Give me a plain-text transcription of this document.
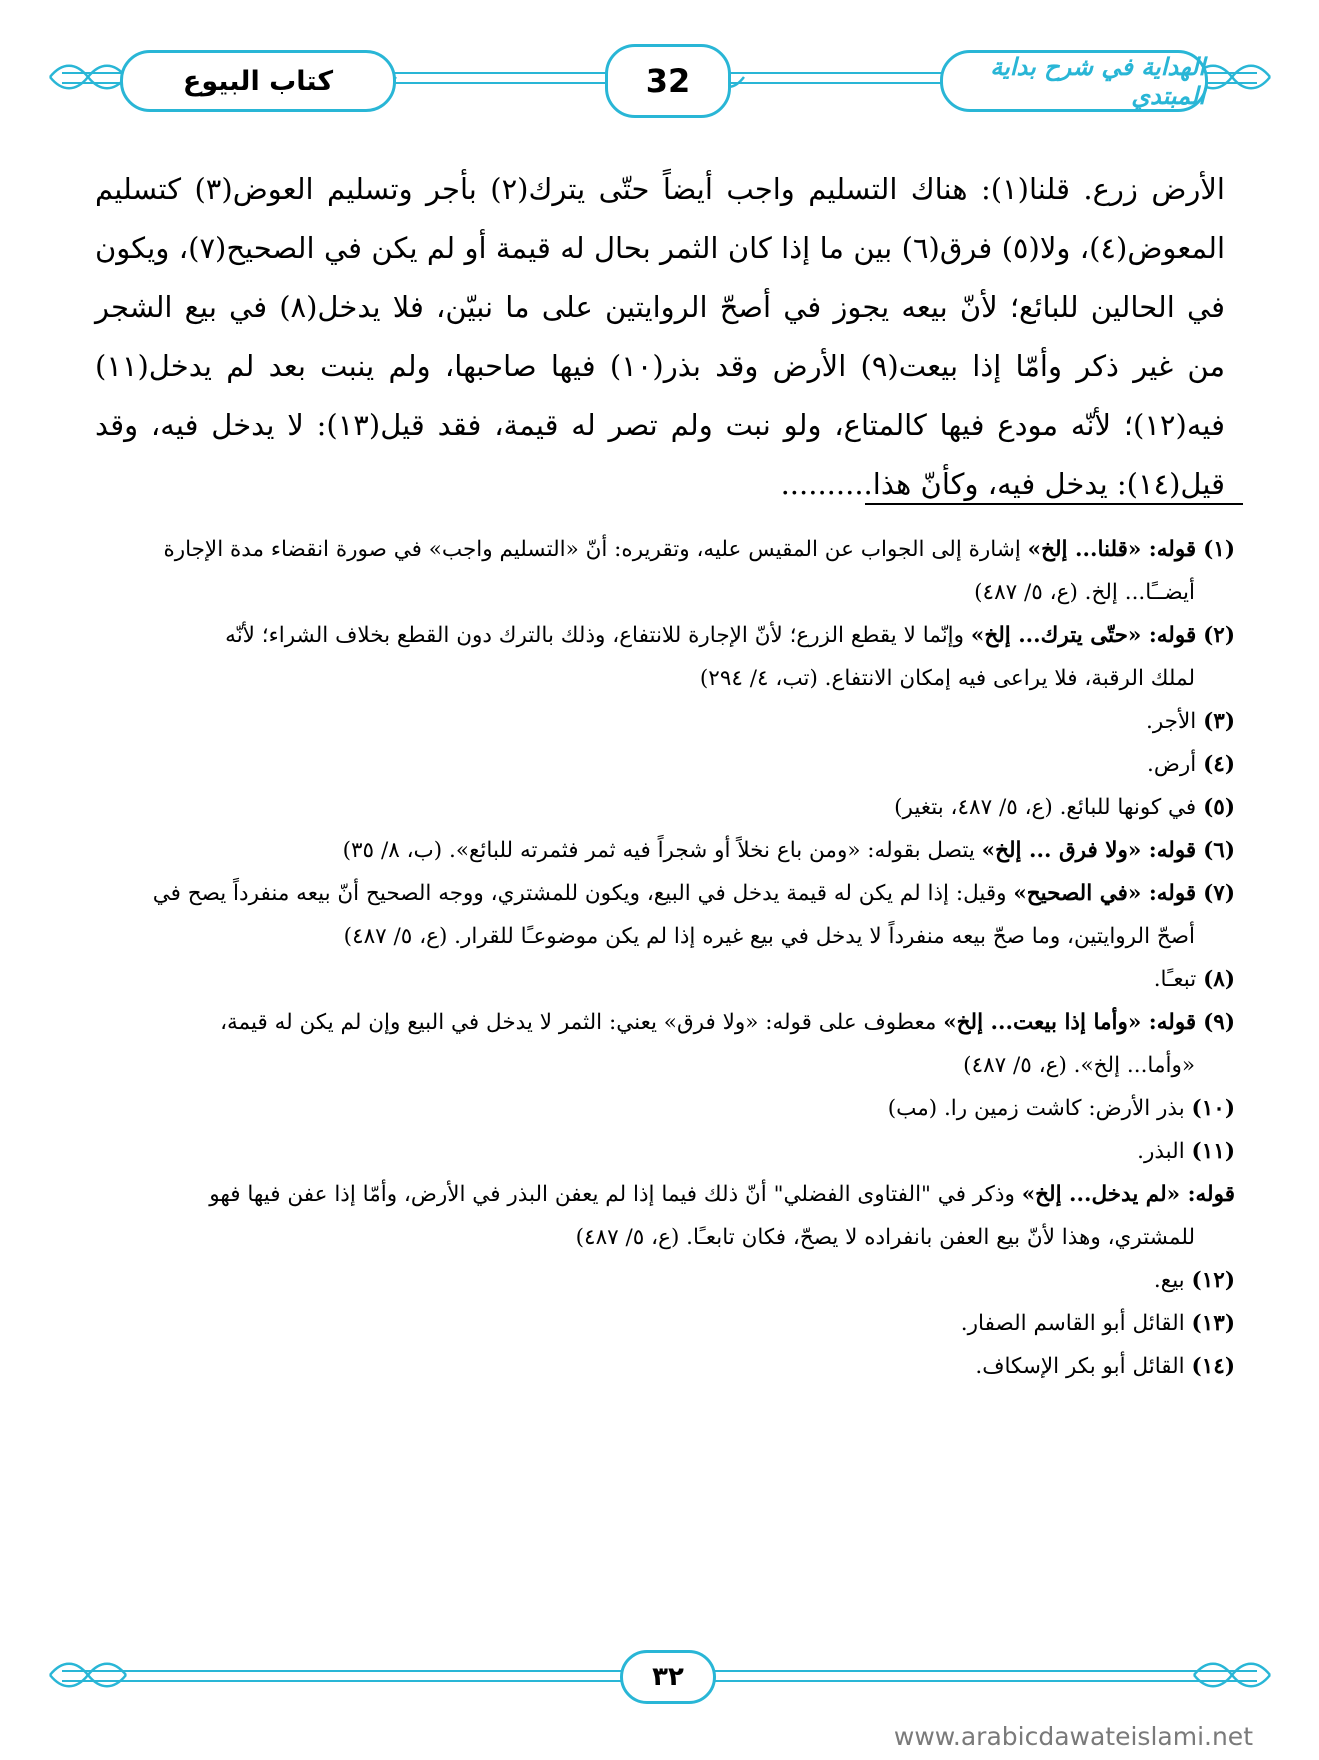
كتاب البيوع	32	الهداية في شرح بداية المبتدي

الأرض زرع. قلنا(١): هناك التسليم واجب أيضاً حتّى يترك(٢) بأجر وتسليم العوض(٣) كتسليم المعوض(٤)، ولا(٥) فرق(٦) بين ما إذا كان الثمر بحال له قيمة أو لم يكن في الصحيح(٧)، ويكون في الحالين للبائع؛ لأنّ بيعه يجوز في أصحّ الروايتين على ما نبيّن، فلا يدخل(٨) في بيع الشجر من غير ذكر وأمّا إذا بيعت(٩) الأرض وقد بذر(١٠) فيها صاحبها، ولم ينبت بعد لم يدخل(١١) فيه(١٢)؛ لأنّه مودع فيها كالمتاع، ولو نبت ولم تصر له قيمة، فقد قيل(١٣): لا يدخل فيه، وقد قيل(١٤): يدخل فيه، وكأنّ هذا..........

(١) قوله: «قلنا... إلخ» إشارة إلى الجواب عن المقيس عليه، وتقريره: أنّ «التسليم واجب» في صورة انقضاء مدة الإجارة
أيضــًا... إلخ. (ع، ٥/ ٤٨٧)

(٢) قوله: «حتّى يترك... إلخ» وإنّما لا يقطع الزرع؛ لأنّ الإجارة للانتفاع، وذلك بالترك دون القطع بخلاف الشراء؛ لأنّه
لملك الرقبة، فلا يراعى فيه إمكان الانتفاع. (تب، ٤/ ٢٩٤)

(٣) الأجر.

(٤) أرض.

(٥) في كونها للبائع. (ع، ٥/ ٤٨٧، بتغير)

(٦) قوله: «ولا فرق ... إلخ» يتصل بقوله: «ومن باع نخلاً أو شجراً فيه ثمر فثمرته للبائع». (ب، ٨/ ٣٥)

(٧) قوله: «في الصحيح» وقيل: إذا لم يكن له قيمة يدخل في البيع، ويكون للمشتري، ووجه الصحيح أنّ بيعه منفرداً يصح في
أصحّ الروايتين، وما صحّ بيعه منفرداً لا يدخل في بيع غيره إذا لم يكن موضوعـًا للقرار. (ع، ٥/ ٤٨٧)

(٨) تبعـًا.

(٩) قوله: «وأما إذا بيعت... إلخ» معطوف على قوله: «ولا فرق» يعني: الثمر لا يدخل في البيع وإن لم يكن له قيمة،
«وأما... إلخ». (ع، ٥/ ٤٨٧)

(١٠) بذر الأرض: كاشت زمين را. (مب)

(١١) البذر.

قوله: «لم يدخل... إلخ» وذكر في "الفتاوى الفضلي" أنّ ذلك فيما إذا لم يعفن البذر في الأرض، وأمّا إذا عفن فيها فهو
للمشتري، وهذا لأنّ بيع العفن بانفراده لا يصحّ، فكان تابعـًا. (ع، ٥/ ٤٨٧)

(١٢) بيع.

(١٣) القائل أبو القاسم الصفار.

(١٤) القائل أبو بكر الإسكاف.

٣٢
www.arabicdawateislami.net
